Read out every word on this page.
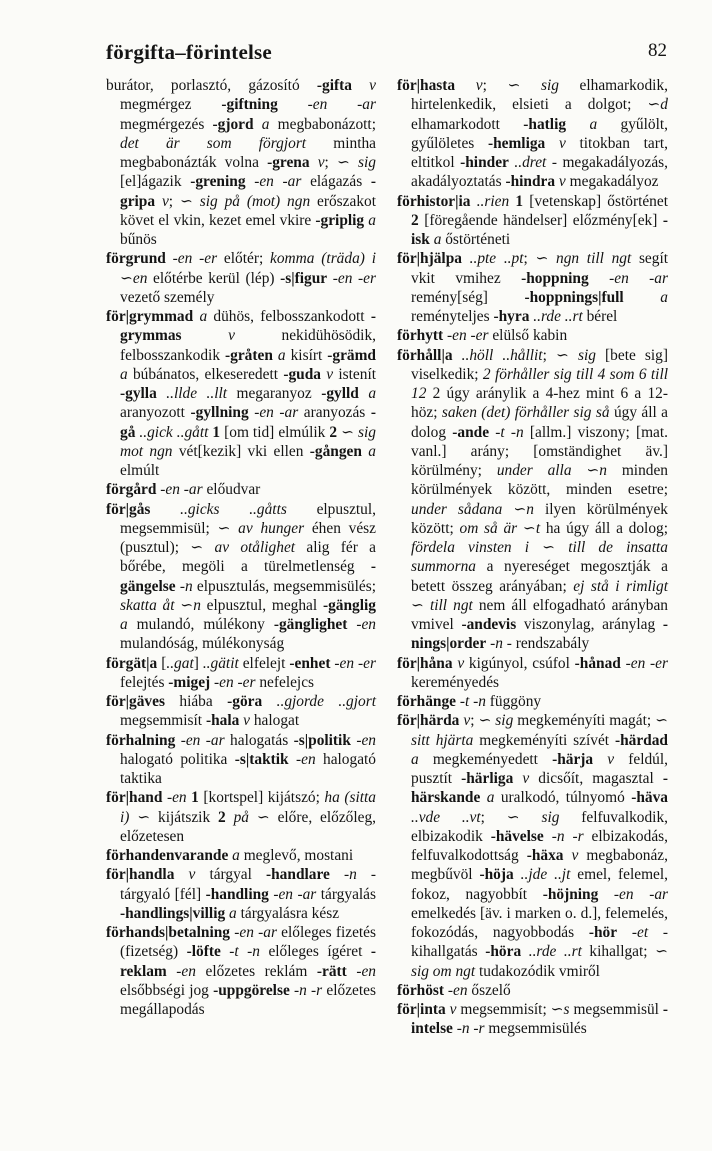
förgifta–förintelse	82

burátor, porlasztó, gázosító -gifta v megmérgez -giftning -en -ar megmérgezés -gjord a megbabonázott; det är som förgjort mintha megbabonázták volna -grena v; ∽ sig [el]ágazik -grening -en -ar elágazás -gripa v; ∽ sig på (mot) ngn erőszakot követ el vkin, kezet emel vkire -griplig a bűnös

förgrund -en -er előtér; komma (träda) i ∽en előtérbe kerül (lép) -s|figur -en -er vezető személy

för|grymmad a dühös, felbosszankodott -grymmas	v nekidühösödik, felbosszankodik -gråten a kisírt -grämd a búbánatos, elkeseredett -guda v istenít -gylla ..llde ..llt megaranyoz -gylld a aranyozott -gyllning -en -ar aranyozás -gå ..gick ..gått 1 [om tid] elmúlik 2 ∽ sig mot ngn vét[kezik] vki ellen -gången a elmúlt

förgård -en -ar előudvar

för|gås ..gicks ..gåtts elpusztul, megsemmisül; ∽ av hunger éhen vész (pusztul); ∽ av otålighet alig fér a bőrébe, megöli a türelmetlenség -gängelse -n elpusztulás, megsemmisülés; skatta åt ∽n elpusztul, meghal -gänglig a mulandó, múlékony -gänglighet -en mulandóság, múlékonyság

förgät|a [..gat] ..gätit elfelejt -enhet -en -er felejtés -migej -en -er nefelejcs

för|gäves hiába -göra ..gjorde ..gjort megsemmisít -hala v halogat

förhalning -en -ar halogatás -s|politik -en halogató politika -s|taktik -en halogató taktika

för|hand -en 1 [kortspel] kijátszó; ha (sitta i) ∽ kijátszik 2 på ∽ előre, előzőleg, előzetesen

förhandenvarande a meglevő, mostani

för|handla v tárgyal -handlare -n - tárgyaló [fél] -handling -en -ar tárgyalás -handlings|villig a tárgyalásra kész

förhands|betalning -en -ar előleges fizetés (fizetség) -löfte -t -n előleges ígéret -reklam -en előzetes reklám -rätt -en elsőbbségi jog -uppgörelse -n -r előzetes megállapodás

för|hasta v; ∽ sig elhamarkodik, hirtelenkedik, elsieti a dolgot; ∽d elhamarkodott -hatlig a gyűlölt, gyűlöletes -hemliga v titokban tart, eltitkol -hinder ..dret - megakadályozás, akadályoztatás -hindra v megakadályoz

förhistor|ia ..rien 1 [vetenskap] őstörténet 2 [föregående händelser] előzmény[ek] -isk a őstörténeti

för|hjälpa ..pte ..pt; ∽ ngn till ngt segít vkit vmihez -hoppning -en -ar remény[ség] -hoppnings|full a reményteljes -hyra ..rde ..rt bérel

förhytt -en -er elülső kabin

förhåll|a ..höll ..hållit; ∽ sig [bete sig] viselkedik; 2 förhåller sig till 4 som 6 till 12 2 úgy aránylik a 4-hez mint 6 a 12-höz; saken (det) förhåller sig så úgy áll a dolog -ande -t -n [allm.] viszony; [mat. vanl.] arány; [omständighet äv.] körülmény; under alla ∽n minden körülmények között, minden esetre; under sådana ∽n ilyen körülmények között; om så är ∽t ha úgy áll a dolog; fördela vinsten i ∽ till de insatta summorna a nyereséget megosztják a betett összeg arányában; ej stå i rimligt ∽ till ngt nem áll elfogadható arányban vmivel -andevis viszonylag, aránylag -nings|order -n - rendszabály

för|håna v kigúnyol, csúfol -hånad -en -er kereményedés

förhänge -t -n függöny

för|härda v; ∽ sig megkeményíti magát; ∽ sitt hjärta megkeményíti szívét -härdad a megkeményedett -härja v feldúl, pusztít -härliga v dicsőít, magasztal -härskande a uralkodó, túlnyomó -häva ..vde ..vt; ∽ sig felfuvalkodik, elbizakodik -hävelse -n -r elbizakodás, felfuvalkodottság -häxa v megbabonáz, megbűvöl -höja ..jde ..jt emel, felemel, fokoz, nagyobbít -höjning -en -ar emelkedés [äv. i marken o. d.], felemelés, fokozódás, nagyobbodás -hör -et - kihallgatás -höra ..rde ..rt kihallgat; ∽ sig om ngt tudakozódik vmiről

förhöst -en őszelő

för|inta v megsemmisít; ∽s megsemmisül -intelse -n -r megsemmisülés
